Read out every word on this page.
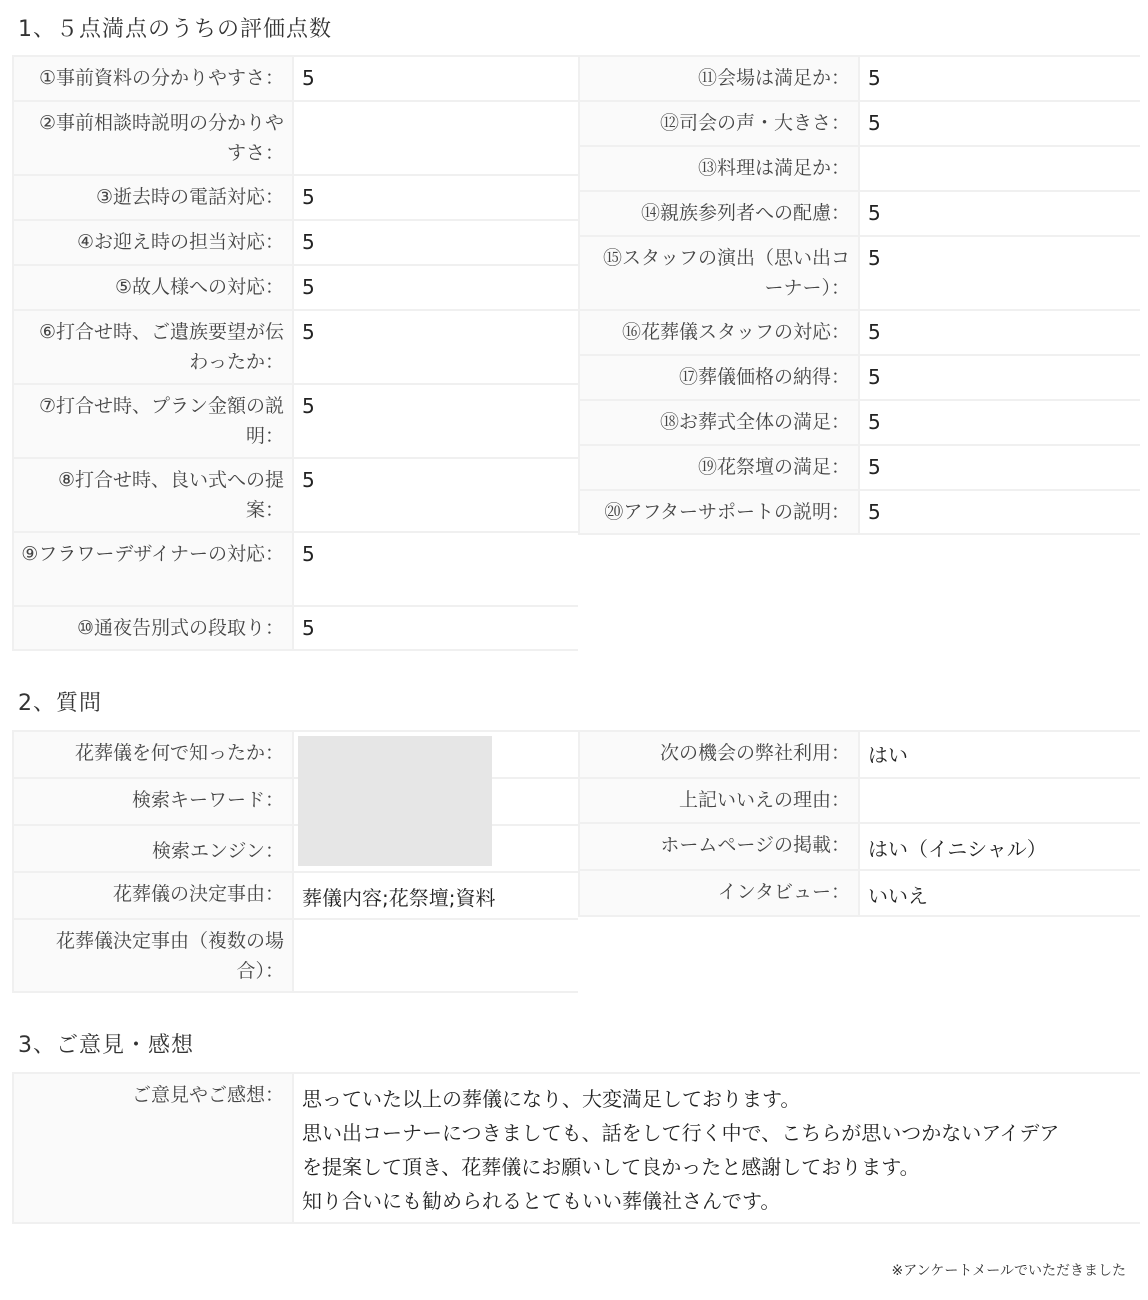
1、５点満点のうちの評価点数
①事前資料の分かりやすさ： 5
②事前相談時説明の分かりやすさ：
③逝去時の電話対応： 5
④お迎え時の担当対応： 5
⑤故人様への対応： 5
⑥打合せ時、ご遺族要望が伝わったか：
5
⑦打合せ時、プラン金額の説明：
5
⑧打合せ時、良い式への提案：
5
⑨フラワーデザイナーの対応： 5
⑩通夜告別式の段取り： 5
⑪会場は満足か： 5
⑫司会の声・大きさ： 5
⑬料理は満足か：
⑭親族参列者への配慮： 5
⑮スタッフの演出（思い出コーナー）：
5
⑯花葬儀スタッフの対応： 5
⑰葬儀価格の納得： 5
⑱お葬式全体の満足： 5
⑲花祭壇の満足： 5
⑳アフターサポートの説明： 5
2、質問
花葬儀を何で知ったか：
検索キーワード：
検索エンジン：
花葬儀の決定事由： 葬儀内容;花祭壇;資料
花葬儀決定事由（複数の場合）：
次の機会の弊社利用： はい
上記いいえの理由：
ホームページの掲載： はい（イニシャル）
インタビュー： いいえ
3、ご意見・感想
ご意見やご感想： 思っていた以上の葬儀になり、大変満足しております。
思い出コーナーにつきましても、話をして行く中で、こちらが思いつかないアイデア
を提案して頂き、花葬儀にお願いして良かったと感謝しております。
知り合いにも勧められるとてもいい葬儀社さんです。
※アンケートメールでいただきました
